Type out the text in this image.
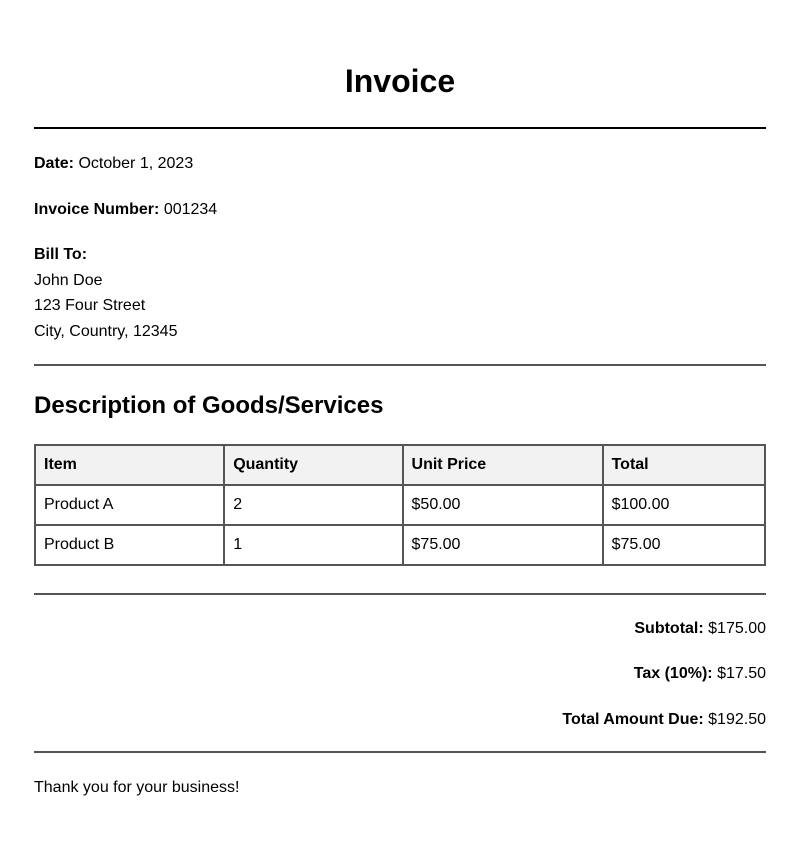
Invoice
Date: October 1, 2023
Invoice Number: 001234
Bill To:
John Doe
123 Four Street
City, Country, 12345
Description of Goods/Services
Item	Quantity	Unit Price	Total
Product A	2	$50.00	$100.00
Product B	1	$75.00	$75.00
Subtotal: $175.00
Tax (10%): $17.50
Total Amount Due: $192.50
Thank you for your business!
